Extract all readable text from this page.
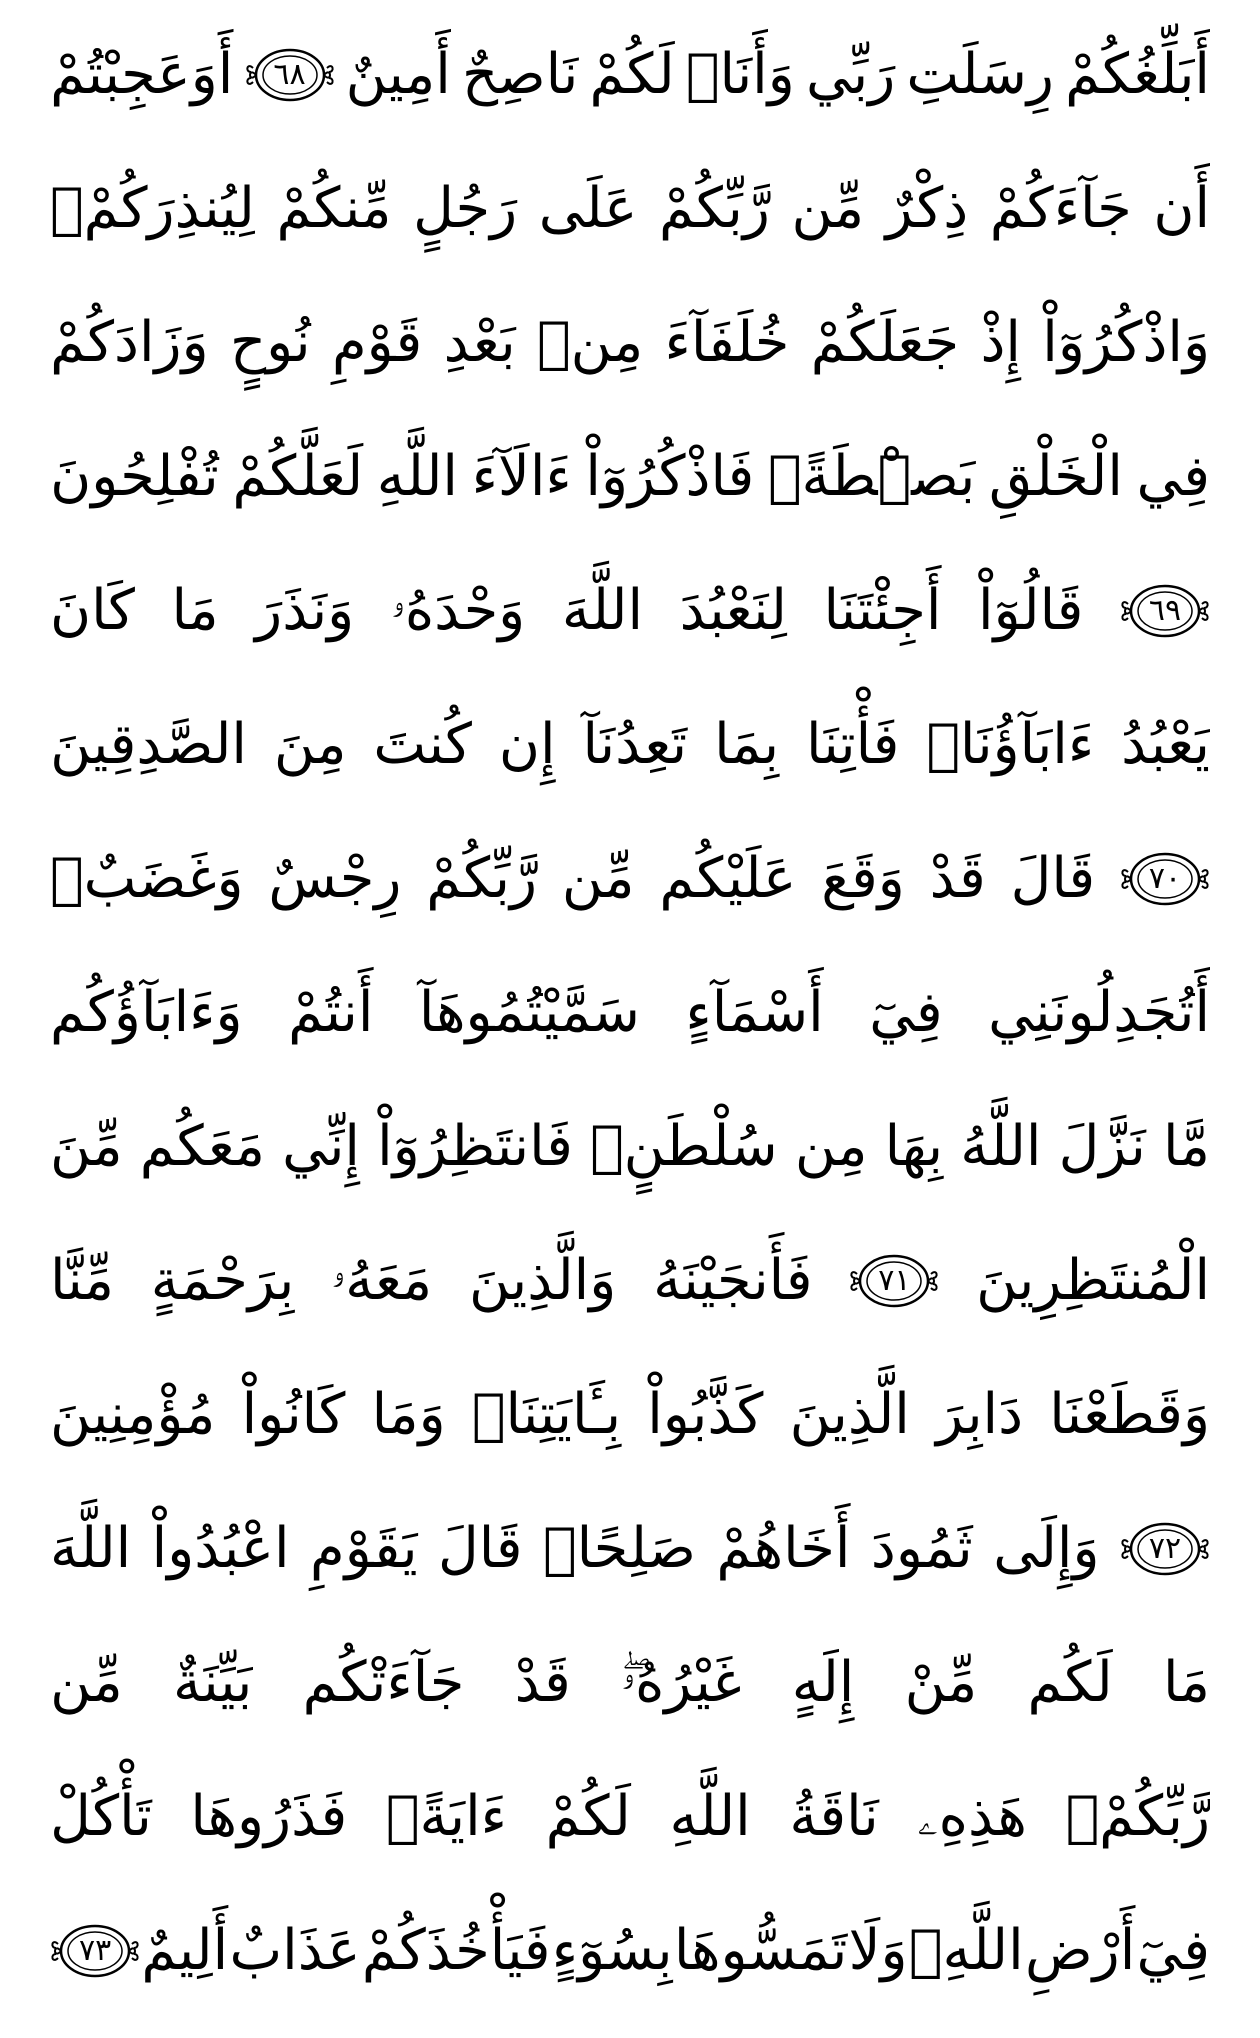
أَبَلِّغُكُمْ
رِسَلَتِ
رَبِّي
وَأَنَا۠
لَكُمْ
نَاصِحٌ
أَمِينٌ
٦٨
أَوَعَجِبْتُمْ
أَن
جَآءَكُمْ
ذِكْرٌ
مِّن
رَّبِّكُمْ
عَلَى
رَجُلٍ
مِّنكُمْ
لِيُنذِرَكُمْۚ
وَاذْكُرُوٓاْ
إِذْ
جَعَلَكُمْ
خُلَفَآءَ
مِنۢ
بَعْدِ
قَوْمِ
نُوحٍ
وَزَادَكُمْ
فِي
الْخَلْقِ
بَصْۜطَةًۖ
فَاذْكُرُوٓاْ
ءَالَآءَ
اللَّهِ
لَعَلَّكُمْ
تُفْلِحُونَ
٦٩
قَالُوٓاْ
أَجِئْتَنَا
لِنَعْبُدَ
اللَّهَ
وَحْدَهُۥ
وَنَذَرَ
مَا
كَانَ
يَعْبُدُ
ءَابَآؤُنَاۖ
فَأْتِنَا
بِمَا
تَعِدُنَآ
إِن
كُنتَ
مِنَ
الصَّدِقِينَ
٧٠
قَالَ
قَدْ
وَقَعَ
عَلَيْكُم
مِّن
رَّبِّكُمْ
رِجْسٌ
وَغَضَبٌۖ
أَتُجَدِلُونَنِي
فِيٓ
أَسْمَآءٍ
سَمَّيْتُمُوهَآ
أَنتُمْ
وَءَابَآؤُكُم
مَّا
نَزَّلَ
اللَّهُ
بِهَا
مِن
سُلْطَنٍۚ
فَانتَظِرُوٓاْ
إِنِّي
مَعَكُم
مِّنَ
الْمُنتَظِرِينَ
٧١
فَأَنجَيْنَهُ
وَالَّذِينَ
مَعَهُۥ
بِرَحْمَةٍ
مِّنَّا
وَقَطَعْنَا
دَابِرَ
الَّذِينَ
كَذَّبُواْ
بِـَٔايَتِنَاۖ
وَمَا
كَانُواْ
مُؤْمِنِينَ
٧٢
وَإِلَى
ثَمُودَ
أَخَاهُمْ
صَلِحًاۗ
قَالَ
يَقَوْمِ
اعْبُدُواْ
اللَّهَ
مَا
لَكُم
مِّنْ
إِلَهٍ
غَيْرُهُۥۖ
قَدْ
جَآءَتْكُم
بَيِّنَةٌ
مِّن
رَّبِّكُمْۖ
هَذِهِۦ
نَاقَةُ
اللَّهِ
لَكُمْ
ءَايَةًۖ
فَذَرُوهَا
تَأْكُلْ
فِيٓ
أَرْضِ
اللَّهِۖ
وَلَا
تَمَسُّوهَا
بِسُوٓءٍ
فَيَأْخُذَكُمْ
عَذَابٌ
أَلِيمٌ
٧٣
